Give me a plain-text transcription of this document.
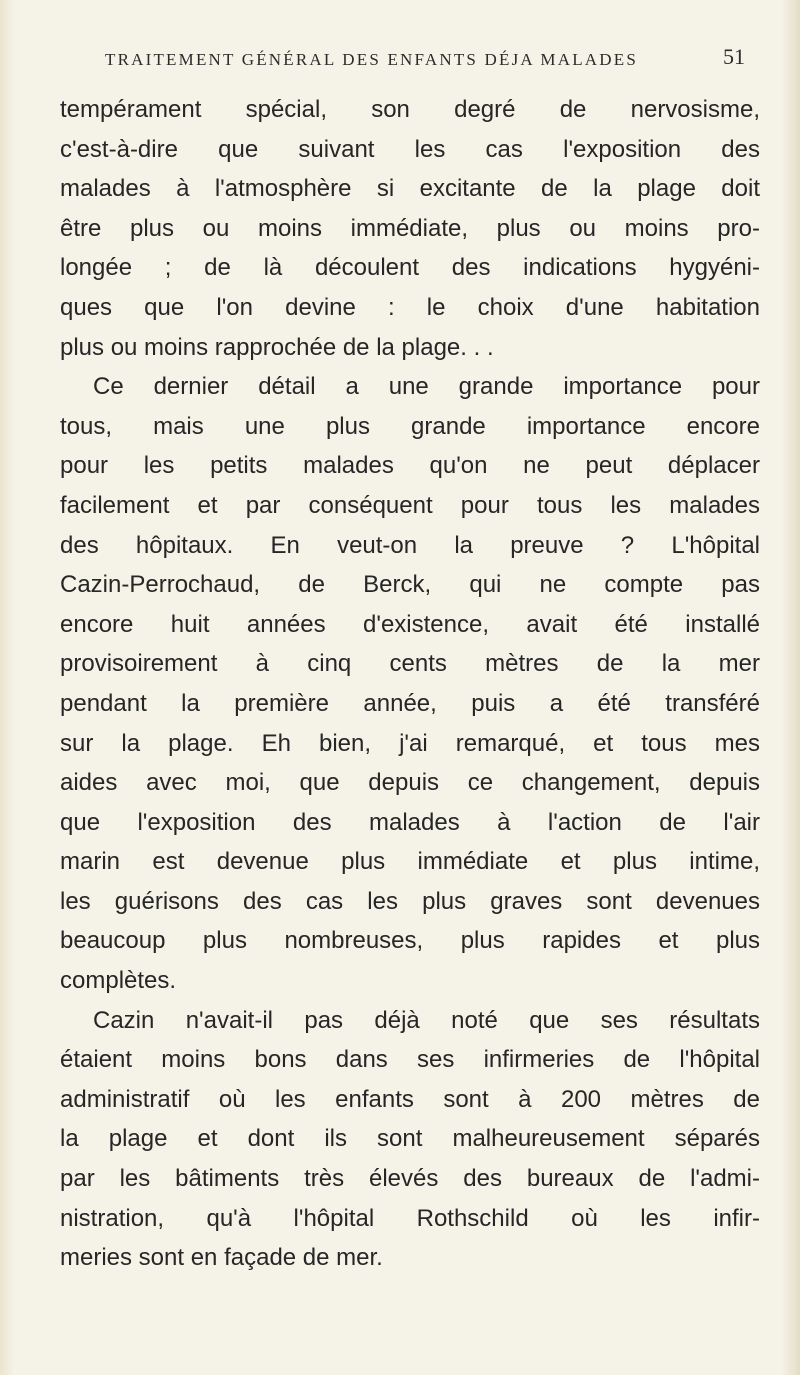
TRAITEMENT GÉNÉRAL DES ENFANTS DÉJA MALADES	51
tempérament spécial, son degré de nervosisme,
c'est-à-dire que suivant les cas l'exposition des
malades à l'atmosphère si excitante de la plage doit
être plus ou moins immédiate, plus ou moins pro-
longée ; de là découlent des indications hygyéni-
ques que l'on devine : le choix d'une habitation
plus ou moins rapprochée de la plage. . .
Ce dernier détail a une grande importance pour
tous, mais une plus grande importance encore
pour les petits malades qu'on ne peut déplacer
facilement et par conséquent pour tous les malades
des hôpitaux. En veut-on la preuve ? L'hôpital
Cazin-Perrochaud, de Berck, qui ne compte pas
encore huit années d'existence, avait été installé
provisoirement à cinq cents mètres de la mer
pendant la première année, puis a été transféré
sur la plage. Eh bien, j'ai remarqué, et tous mes
aides avec moi, que depuis ce changement, depuis
que l'exposition des malades à l'action de l'air
marin est devenue plus immédiate et plus intime,
les guérisons des cas les plus graves sont devenues
beaucoup plus nombreuses, plus rapides et plus
complètes.
Cazin n'avait-il pas déjà noté que ses résultats
étaient moins bons dans ses infirmeries de l'hôpital
administratif où les enfants sont à 200 mètres de
la plage et dont ils sont malheureusement séparés
par les bâtiments très élevés des bureaux de l'admi-
nistration, qu'à l'hôpital Rothschild où les infir-
meries sont en façade de mer.
